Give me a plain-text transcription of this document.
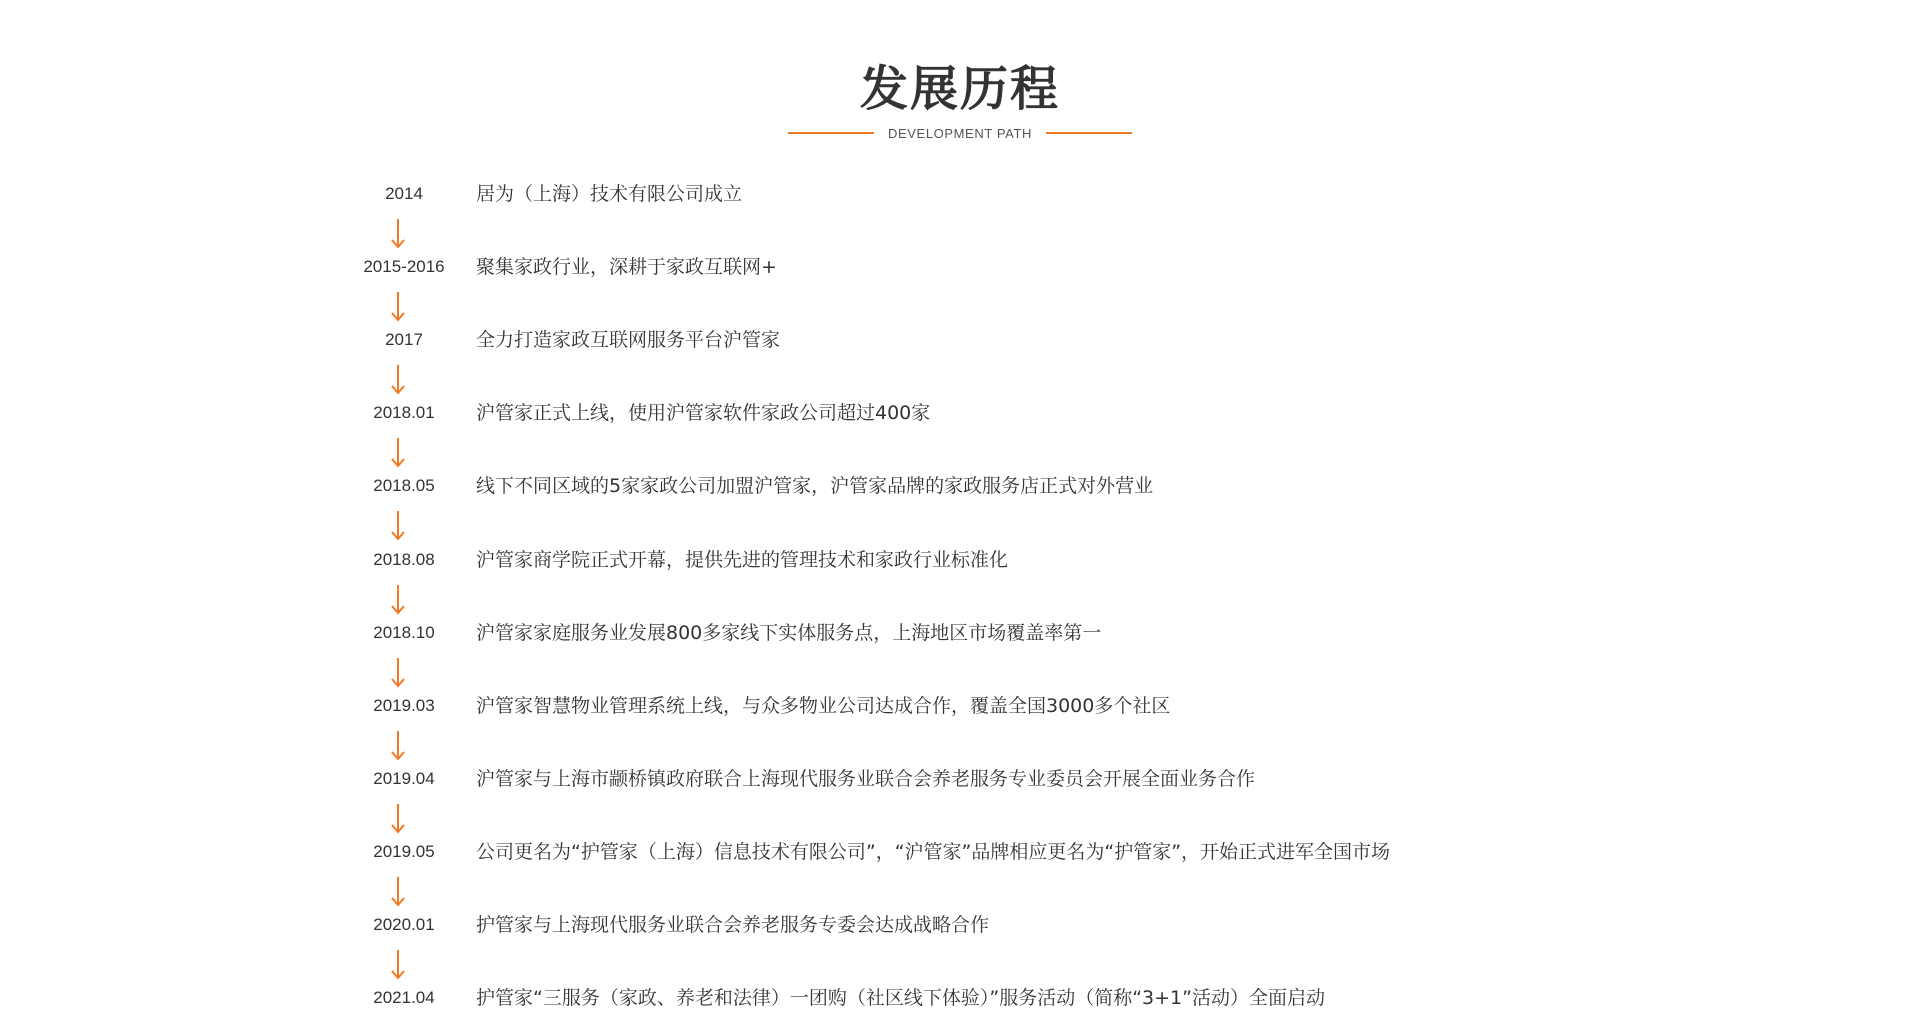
发展历程
DEVELOPMENT PATH
2014	居为（上海）技术有限公司成立
2015-2016	聚集家政行业，深耕于家政互联网+
2017	全力打造家政互联网服务平台沪管家
2018.01	沪管家正式上线，使用沪管家软件家政公司超过400家
2018.05	线下不同区域的5家家政公司加盟沪管家，沪管家品牌的家政服务店正式对外营业
2018.08	沪管家商学院正式开幕，提供先进的管理技术和家政行业标准化
2018.10	沪管家家庭服务业发展800多家线下实体服务点，上海地区市场覆盖率第一
2019.03	沪管家智慧物业管理系统上线，与众多物业公司达成合作，覆盖全国3000多个社区
2019.04	沪管家与上海市颛桥镇政府联合上海现代服务业联合会养老服务专业委员会开展全面业务合作
2019.05	公司更名为“护管家（上海）信息技术有限公司”，“沪管家”品牌相应更名为“护管家”，开始正式进军全国市场
2020.01	护管家与上海现代服务业联合会养老服务专委会达成战略合作
2021.04	护管家“三服务（家政、养老和法律）一团购（社区线下体验）”服务活动（简称“3+1”活动）全面启动
